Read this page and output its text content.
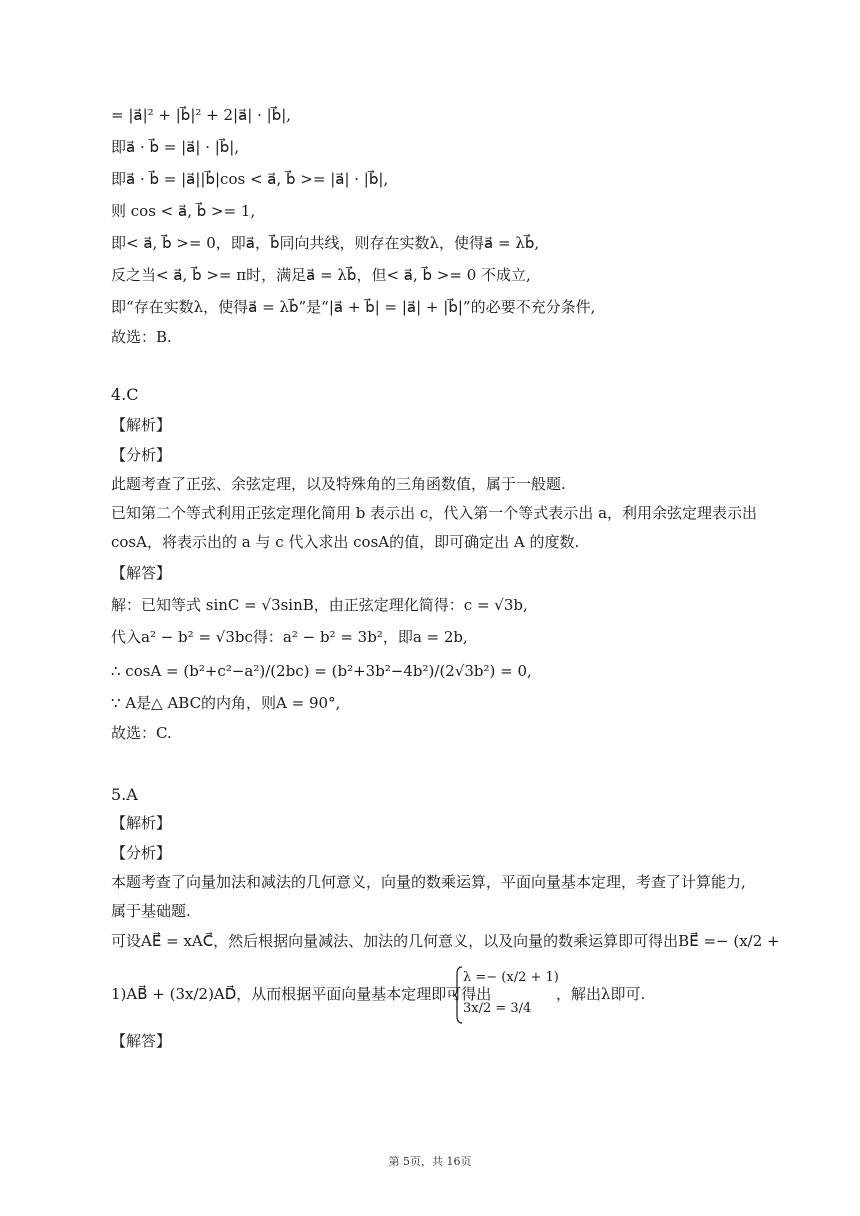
= |a⃗|² + |b⃗|² + 2|a⃗| · |b⃗|,
即a⃗ · b⃗ = |a⃗| · |b⃗|,
即a⃗ · b⃗ = |a⃗||b⃗|cos < a⃗, b⃗ >= |a⃗| · |b⃗|,
则 cos < a⃗, b⃗ >= 1,
即< a⃗, b⃗ >= 0，即a⃗，b⃗同向共线，则存在实数λ，使得a⃗ = λb⃗,
反之当< a⃗, b⃗ >= π时，满足a⃗ = λb⃗，但< a⃗, b⃗ >= 0 不成立,
即“存在实数λ，使得a⃗ = λb⃗”是“|a⃗ + b⃗| = |a⃗| + |b⃗|”的必要不充分条件,
故选：B.
4.C
【解析】
【分析】
此题考查了正弦、余弦定理，以及特殊角的三角函数值，属于一般题.
已知第二个等式利用正弦定理化简用 b 表示出 c，代入第一个等式表示出 a，利用余弦定理表示出
cosA，将表示出的 a 与 c 代入求出 cosA的值，即可确定出 A 的度数.
【解答】
解：已知等式 sinC = √3sinB，由正弦定理化简得：c = √3b,
代入a² − b² = √3bc得：a² − b² = 3b²，即a = 2b,
∴ cosA = (b²+c²−a²)/(2bc) = (b²+3b²−4b²)/(2√3b²) = 0,
∵ A是△ ABC的内角，则A = 90°,
故选：C.
5.A
【解析】
【分析】
本题考查了向量加法和减法的几何意义，向量的数乘运算，平面向量基本定理，考查了计算能力,
属于基础题.
可设AE⃗ = xAC⃗，然后根据向量减法、加法的几何意义，以及向量的数乘运算即可得出BE⃗ =− (x/2 +
1)AB⃗ + (3x/2)AD⃗，从而根据平面向量基本定理即可得出
λ =− (x/2 + 1)
3x/2 = 3/4
，解出λ即可.
【解答】
第 5页，共 16页
